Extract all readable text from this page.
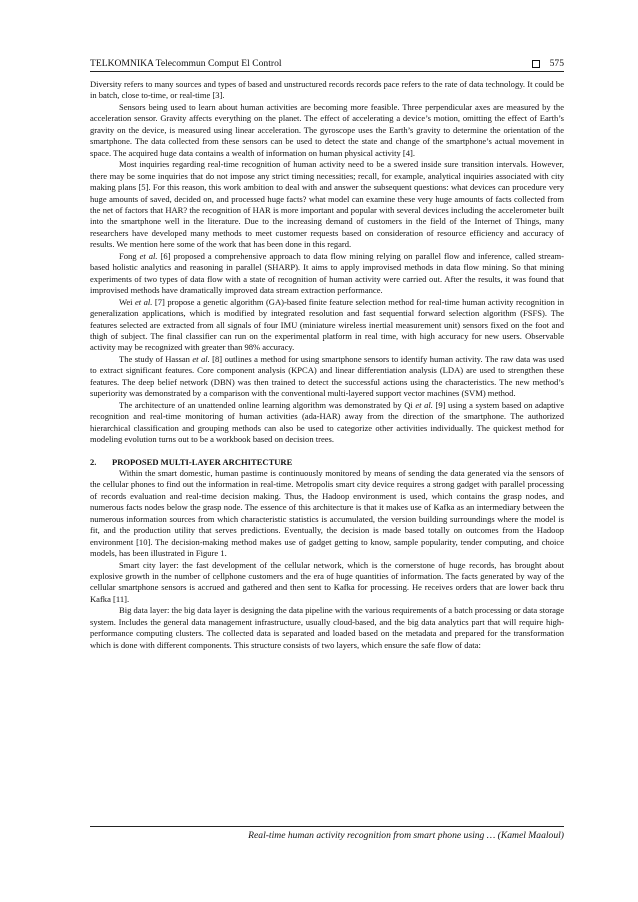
TELKOMNIKA Telecommun Comput El Control	575

Diversity refers to many sources and types of based and unstructured records records pace refers to the rate of data technology. It could be in batch, close to-time, or real-time [3].

Sensors being used to learn about human activities are becoming more feasible. Three perpendicular axes are measured by the acceleration sensor. Gravity affects everything on the planet. The effect of accelerating a device’s motion, omitting the effect of Earth’s gravity on the device, is measured using linear acceleration. The gyroscope uses the Earth’s gravity to determine the orientation of the smartphone. The data collected from these sensors can be used to detect the state and change of the smartphone’s actual movement in space. The acquired huge data contains a wealth of information on human physical activity [4].

Most inquiries regarding real-time recognition of human activity need to be a swered inside sure transition intervals. However, there may be some inquiries that do not impose any strict timing necessities; recall, for example, analytical inquiries associated with city making plans [5]. For this reason, this work ambition to deal with and answer the subsequent questions: what devices can procedure very huge amounts of saved, decided on, and processed huge facts? what model can examine these very huge amounts of facts collected from the net of factors that HAR? the recognition of HAR is more important and popular with several devices including the accelerometer built into the smartphone well in the literature. Due to the increasing demand of customers in the field of the Internet of Things, many researchers have developed many methods to meet customer requests based on consideration of resource efficiency and accuracy of results. We mention here some of the work that has been done in this regard.

Fong et al. [6] proposed a comprehensive approach to data flow mining relying on parallel flow and inference, called stream-based holistic analytics and reasoning in parallel (SHARP). It aims to apply improvised methods in data flow mining. So that mining experiments of two types of data flow with a state of recognition of human activity were carried out. After the results, it was found that improvised methods have dramatically improved data stream extraction performance.

Wei et al. [7] propose a genetic algorithm (GA)-based finite feature selection method for real-time human activity recognition in generalization applications, which is modified by integrated resolution and fast sequential forward selection algorithm (FSFS). The features selected are extracted from all signals of four IMU (miniature wireless inertial measurement unit) sensors fixed on the foot and thigh of subject. The final classifier can run on the experimental platform in real time, with high accuracy for new users. Observable activity may be recognized with greater than 98% accuracy.

The study of Hassan et al. [8] outlines a method for using smartphone sensors to identify human activity. The raw data was used to extract significant features. Core component analysis (KPCA) and linear differentiation analysis (LDA) are used to strengthen these features. The deep belief network (DBN) was then trained to detect the successful actions using the characteristics. The new method’s superiority was demonstrated by a comparison with the conventional multi-layered support vector machines (SVM) method.

The architecture of an unattended online learning algorithm was demonstrated by Qi et al. [9] using a system based on adaptive recognition and real-time monitoring of human activities (ada-HAR) away from the direction of the smartphone. The authorized hierarchical classification and grouping methods can also be used to categorize other activities individually. The quickest method for modeling evolution turns out to be a workbook based on decision trees.

2. PROPOSED MULTI-LAYER ARCHITECTURE

Within the smart domestic, human pastime is continuously monitored by means of sending the data generated via the sensors of the cellular phones to find out the information in real-time. Metropolis smart city device requires a strong gadget with parallel processing of records evaluation and real-time decision making. Thus, the Hadoop environment is used, which contains the grasp nodes, and numerous facts nodes below the grasp node. The essence of this architecture is that it makes use of Kafka as an intermediary between the numerous information sources from which characteristic statistics is accumulated, the version building surroundings where the model is fit, and the production utility that serves predictions. Eventually, the decision is made based totally on outcomes from the Hadoop environment [10]. The decision-making method makes use of gadget getting to know, sample popularity, tender computing, and choice models, has been illustrated in Figure 1.

Smart city layer: the fast development of the cellular network, which is the cornerstone of huge records, has brought about explosive growth in the number of cellphone customers and the era of huge quantities of information. The facts generated by way of the cellular smartphone sensors is accrued and gathered and then sent to Kafka for processing. He receives orders that are lower back thru Kafka [11].

Big data layer: the big data layer is designing the data pipeline with the various requirements of a batch processing or data storage system. Includes the general data management infrastructure, usually cloud-based, and the big data analytics part that will require high-performance computing clusters. The collected data is separated and loaded based on the metadata and prepared for the transformation which is done with different components. This structure consists of two layers, which ensure the safe flow of data:

Real-time human activity recognition from smart phone using … (Kamel Maaloul)
